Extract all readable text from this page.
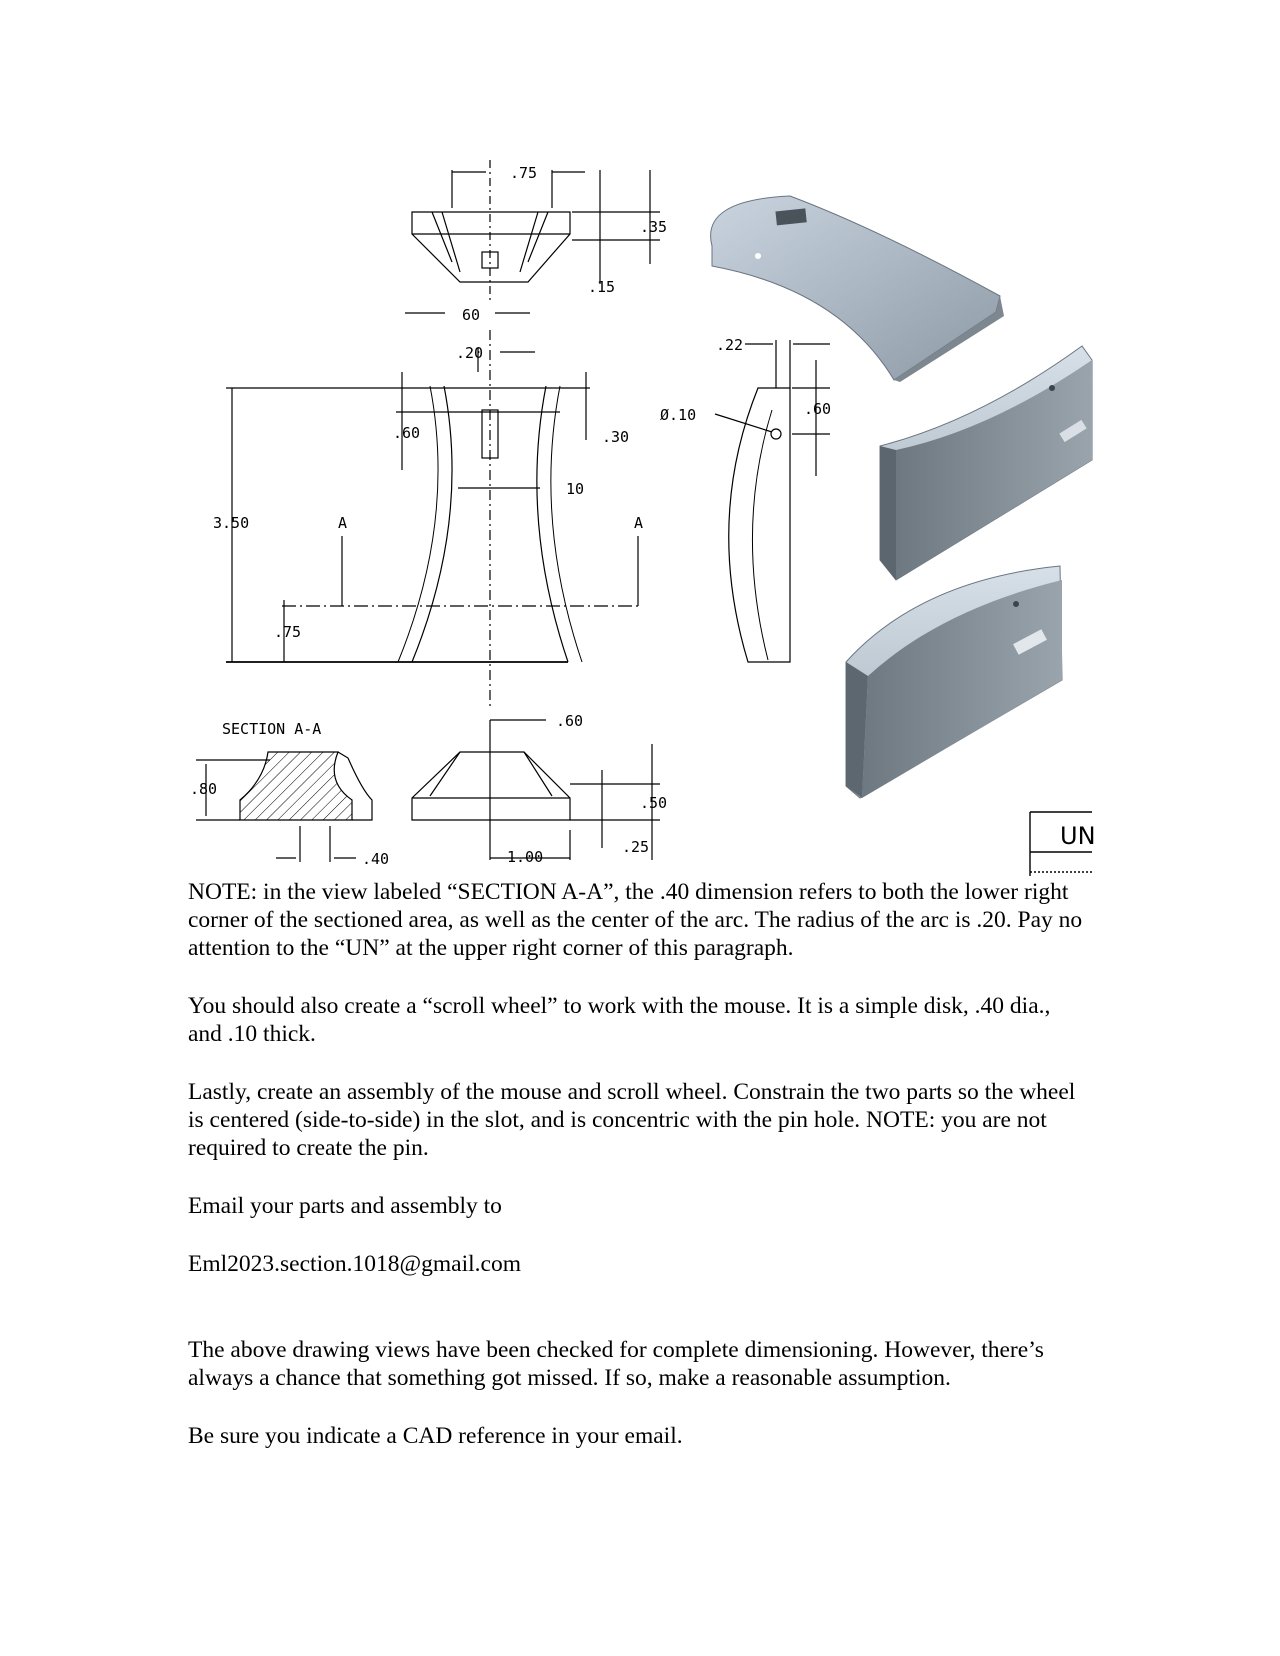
.75
.35
.15
60
.20
.60	.30
10
3.50	A	A
.75
.22
Ø.10	.60
.60
.50
.25
1.00
SECTION A-A
.80
.40
UN

NOTE: in the view labeled “SECTION A-A”, the .40 dimension refers to both the lower right corner of the sectioned area, as well as the center of the arc. The radius of the arc is .20. Pay no attention to the “UN” at the upper right corner of this paragraph.

You should also create a “scroll wheel” to work with the mouse. It is a simple disk, .40 dia., and .10 thick.

Lastly, create an assembly of the mouse and scroll wheel. Constrain the two parts so the wheel is centered (side-to-side) in the slot, and is concentric with the pin hole. NOTE: you are not required to create the pin.

Email your parts and assembly to

Eml2023.section.1018@gmail.com

The above drawing views have been checked for complete dimensioning. However, there’s always a chance that something got missed. If so, make a reasonable assumption.

Be sure you indicate a CAD reference in your email.
